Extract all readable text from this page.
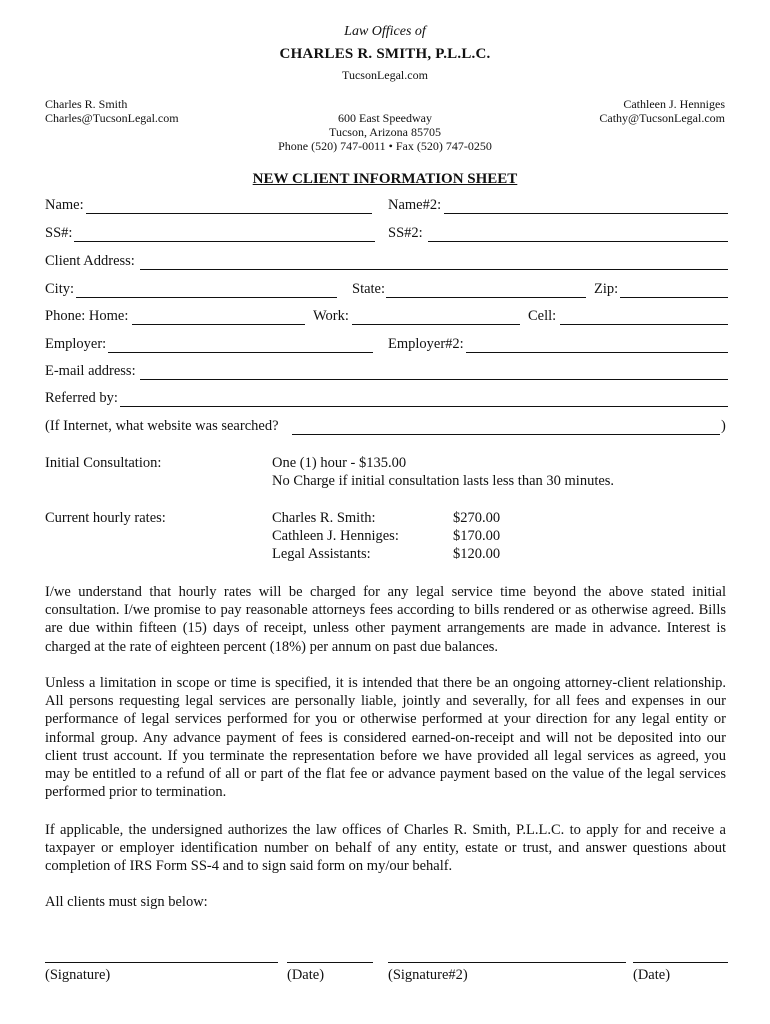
Law Offices of
CHARLES R. SMITH, P.L.L.C.
TucsonLegal.com
Charles R. Smith
Charles@TucsonLegal.com	600 East Speedway
Tucson, Arizona 85705
Phone (520) 747-0011 • Fax (520) 747-0250
Cathleen J. Henniges
Cathy@TucsonLegal.com
NEW CLIENT INFORMATION SHEET
Name:	Name#2:
SS#:	SS#2:
Client Address:
City:	State:	Zip:
Phone: Home:	Work:	Cell:
Employer:	Employer#2:
E-mail address:
Referred by:
(If Internet, what website was searched?	)
Initial Consultation:	One (1) hour - $135.00
No Charge if initial consultation lasts less than 30 minutes.
Current hourly rates:	Charles R. Smith:	$270.00
Cathleen J. Henniges:	$170.00
Legal Assistants:	$120.00
I/we understand that hourly rates will be charged for any legal service time beyond the above stated initial consultation. I/we promise to pay reasonable attorneys fees according to bills rendered or as otherwise agreed. Bills are due within fifteen (15) days of receipt, unless other payment arrangements are made in advance. Interest is charged at the rate of eighteen percent (18%) per annum on past due balances.
Unless a limitation in scope or time is specified, it is intended that there be an ongoing attorney-client relationship. All persons requesting legal services are personally liable, jointly and severally, for all fees and expenses in our performance of legal services performed for you or otherwise performed at your direction for any legal entity or informal group. Any advance payment of fees is considered earned-on-receipt and will not be deposited into our client trust account. If you terminate the representation before we have provided all legal services as agreed, you may be entitled to a refund of all or part of the flat fee or advance payment based on the value of the legal services performed prior to termination.
If applicable, the undersigned authorizes the law offices of Charles R. Smith, P.L.L.C. to apply for and receive a taxpayer or employer identification number on behalf of any entity, estate or trust, and answer questions about completion of IRS Form SS-4 and to sign said form on my/our behalf.
All clients must sign below:
(Signature)	(Date)	(Signature#2)	(Date)
